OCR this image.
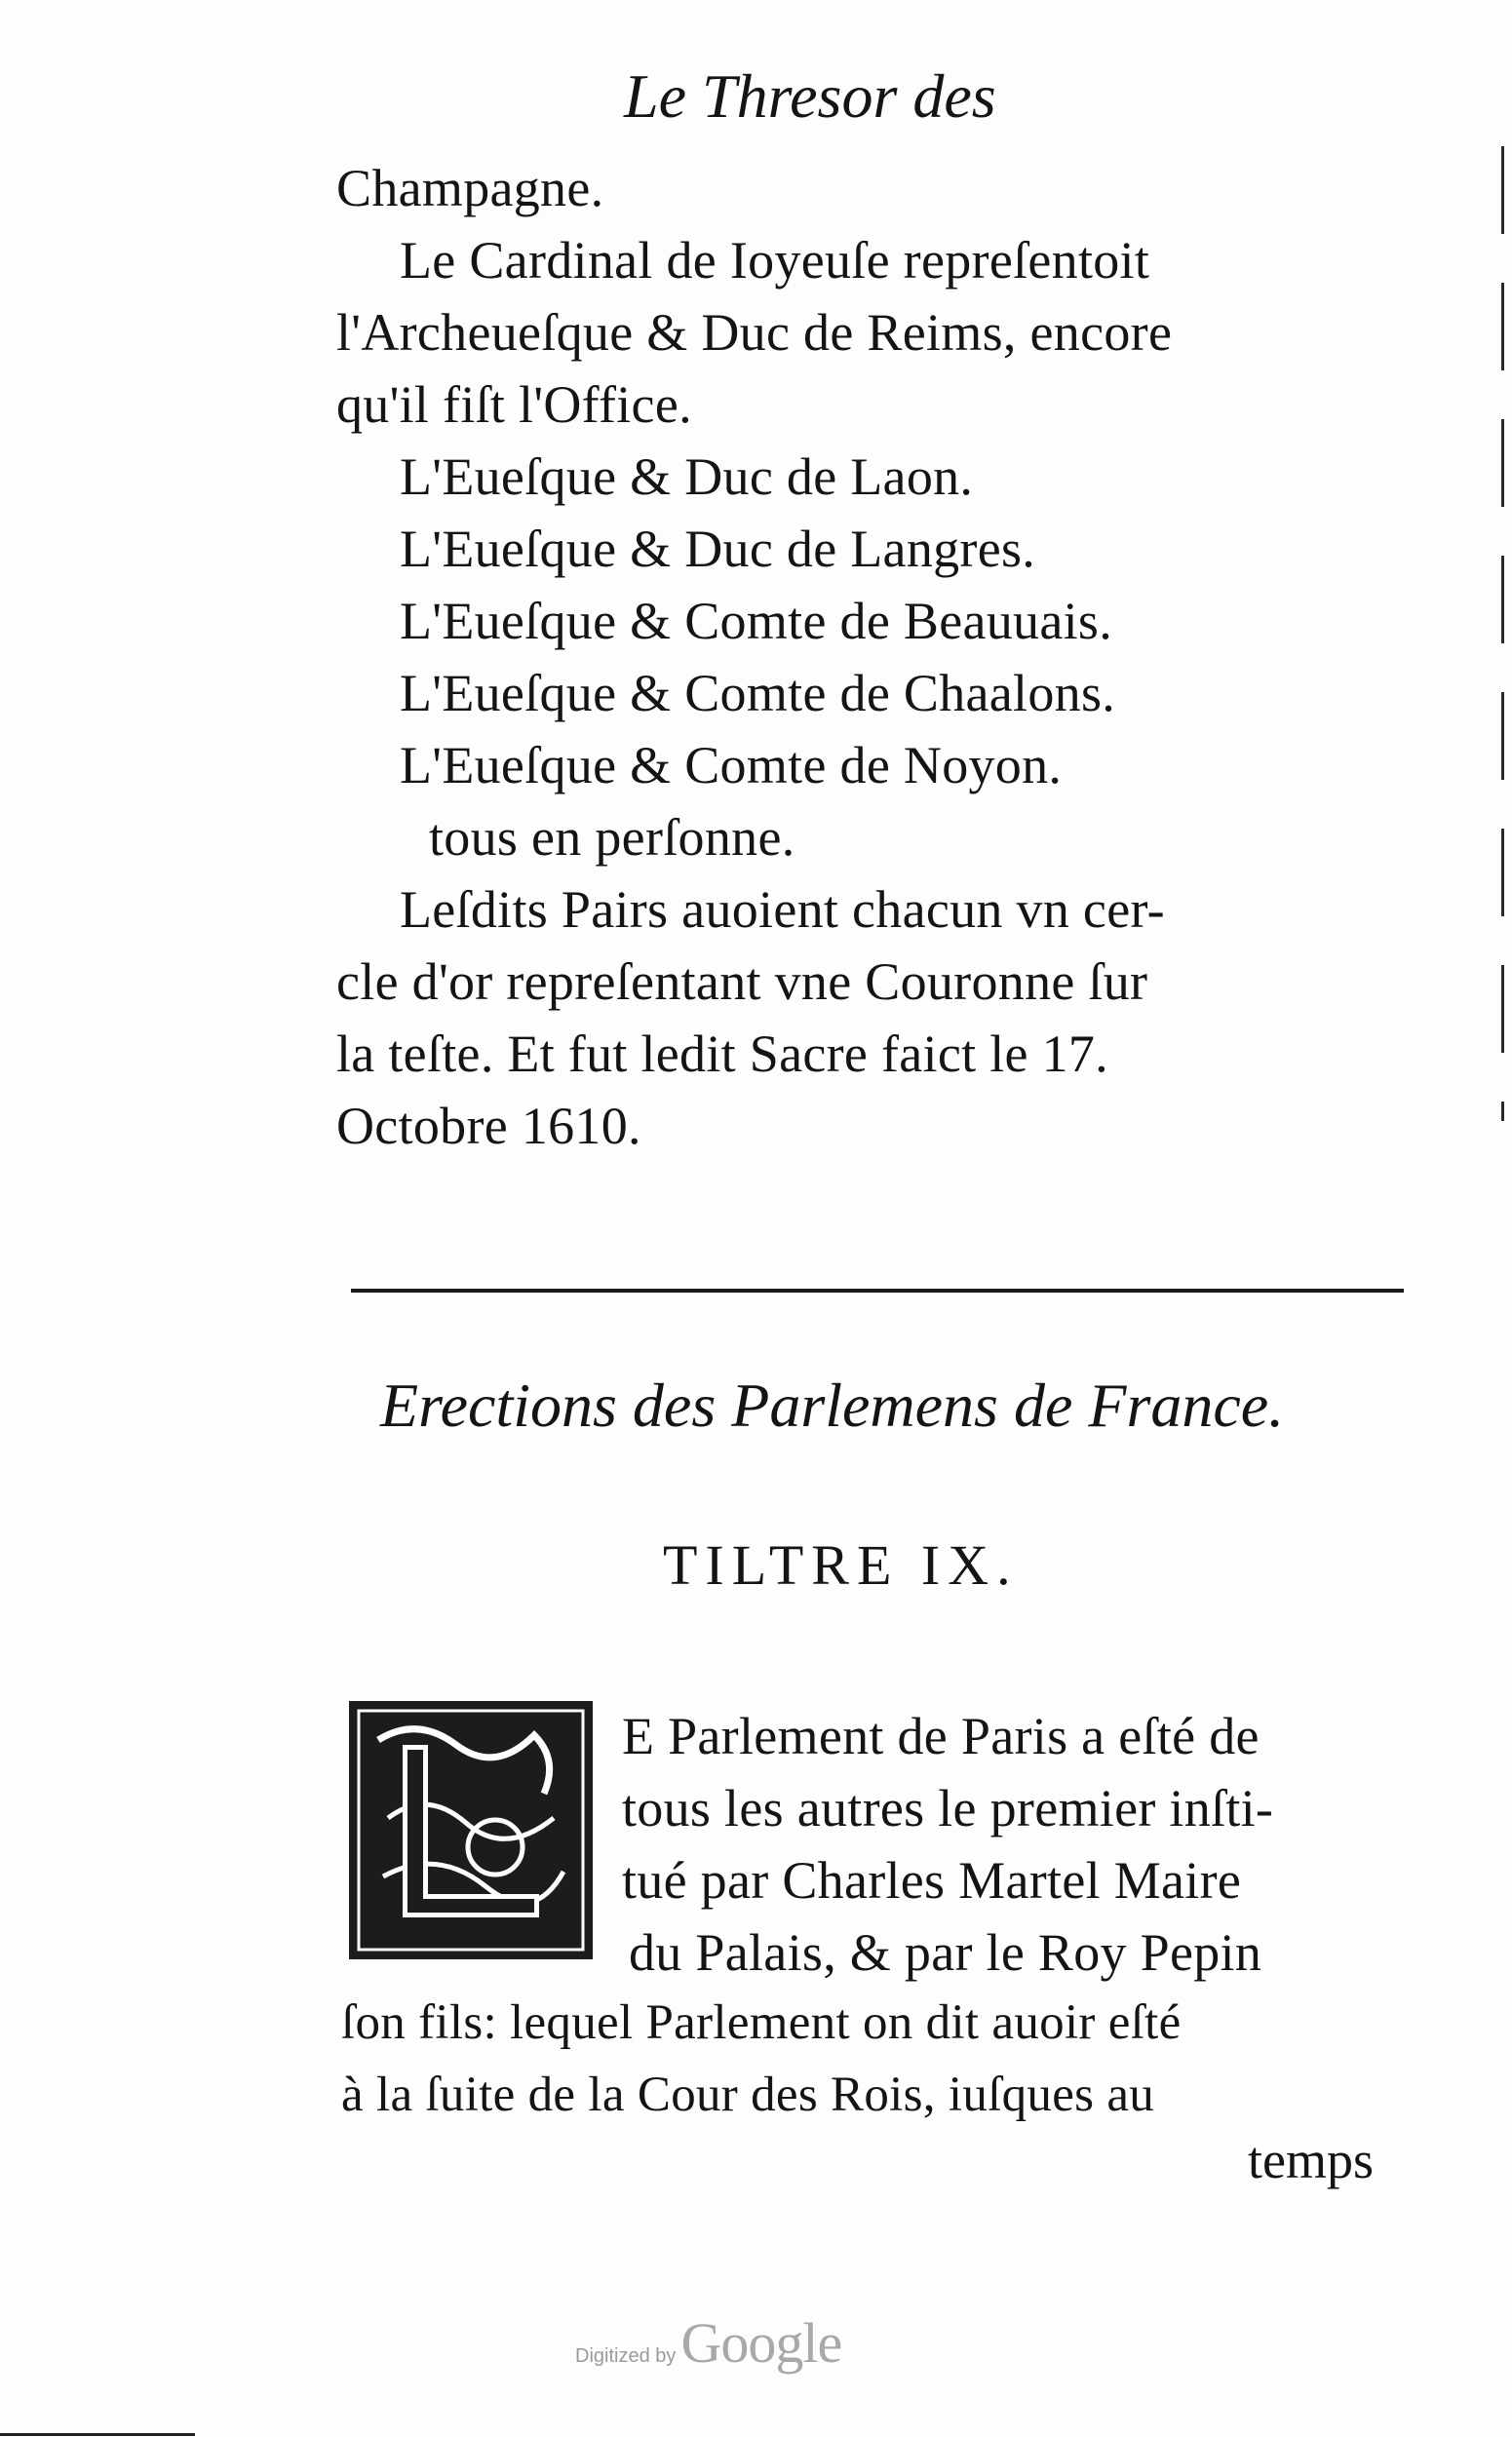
Le Thresor des
Champagne.
Le Cardinal de Ioyeuſe repreſentoit
l'Archeueſque & Duc de Reims, encore
qu'il fiſt l'Office.
L'Eueſque & Duc de Laon.
L'Eueſque & Duc de Langres.
L'Eueſque & Comte de Beauuais.
L'Eueſque & Comte de Chaalons.
L'Eueſque & Comte de Noyon.
tous en perſonne.
Leſdits Pairs auoient chacun vn cer-
cle d'or repreſentant vne Couronne ſur
la teſte. Et fut ledit Sacre faict le 17.
Octobre 1610.
Erections des Parlemens de France.
TILTRE IX.
E Parlement de Paris a eſté de
tous les autres le premier inſti-
tué par Charles Martel Maire
du Palais, & par le Roy Pepin
ſon fils: lequel Parlement on dit auoir eſté
à la ſuite de la Cour des Rois, iuſques au
temps
Digitized by Google
